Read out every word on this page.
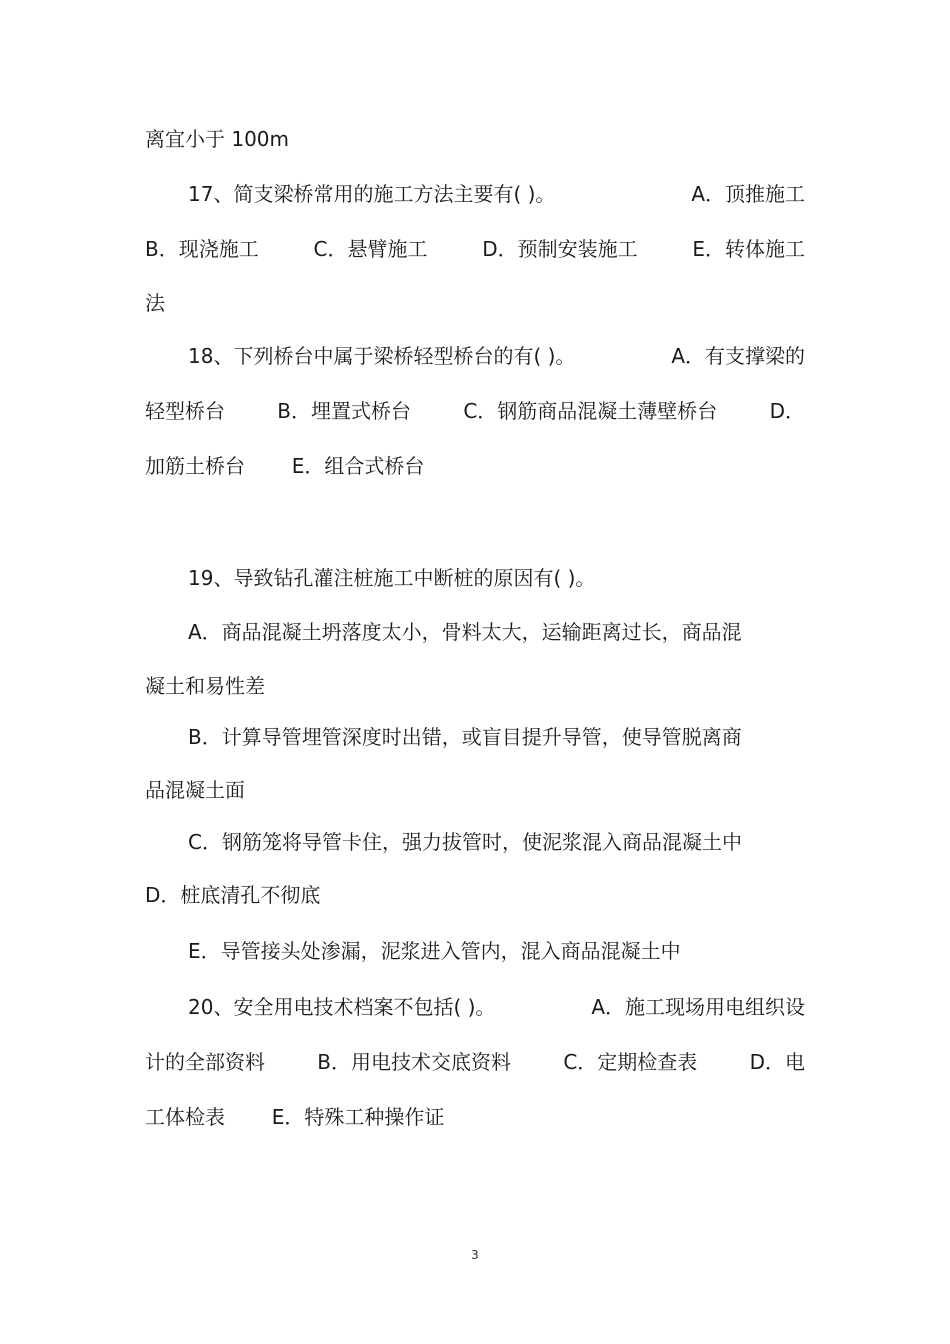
离宜小于 100m
17、简支梁桥常用的施工方法主要有( )。	A．顶推施工
B．现浇施工	C．悬臂施工	D．预制安装施工	E．转体施工
法
18、下列桥台中属于梁桥轻型桥台的有( )。	A．有支撑梁的
轻型桥台	B．埋置式桥台	C．钢筋商品混凝土薄壁桥台	D．
加筋土桥台 E．组合式桥台
19、导致钻孔灌注桩施工中断桩的原因有( )。
A．商品混凝土坍落度太小，骨料太大，运输距离过长，商品混
凝土和易性差
B．计算导管埋管深度时出错，或盲目提升导管，使导管脱离商
品混凝土面
C．钢筋笼将导管卡住，强力拔管时，使泥浆混入商品混凝土中
D．桩底清孔不彻底
E．导管接头处渗漏，泥浆进入管内，混入商品混凝土中
20、安全用电技术档案不包括( )。	A．施工现场用电组织设
计的全部资料	B．用电技术交底资料	C．定期检查表	D．电
工体检表 E．特殊工种操作证
3
